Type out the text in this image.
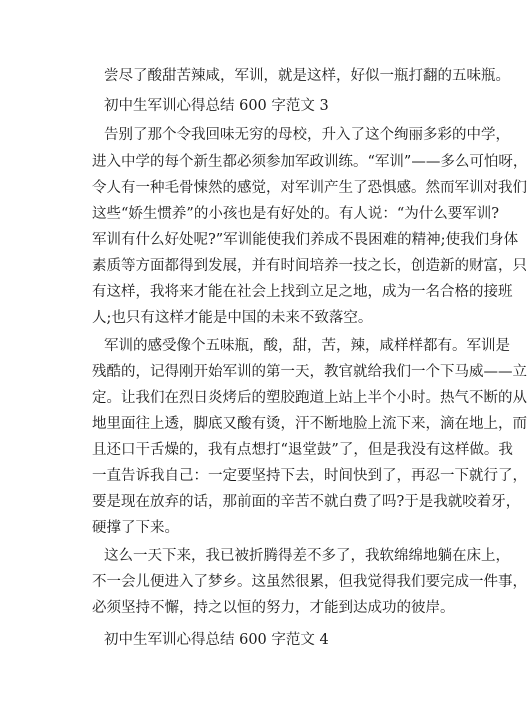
尝尽了酸甜苦辣咸，军训，就是这样，好似一瓶打翻的五味瓶。
初中生军训心得总结 600 字范文 3
告别了那个令我回味无穷的母校，升入了这个绚丽多彩的中学，
进入中学的每个新生都必须参加军政训练。“军训”——多么可怕呀，
令人有一种毛骨悚然的感觉，对军训产生了恐惧感。然而军训对我们
这些“娇生惯养”的小孩也是有好处的。有人说：“为什么要军训?
军训有什么好处呢?”军训能使我们养成不畏困难的精神;使我们身体
素质等方面都得到发展，并有时间培养一技之长，创造新的财富，只
有这样，我将来才能在社会上找到立足之地，成为一名合格的接班
人;也只有这样才能是中国的未来不致落空。
军训的感受像个五味瓶，酸，甜，苦，辣，咸样样都有。军训是
残酷的，记得刚开始军训的第一天，教官就给我们一个下马威——立
定。让我们在烈日炎烤后的塑胶跑道上站上半个小时。热气不断的从
地里面往上透，脚底又酸有烫，汗不断地脸上流下来，滴在地上，而
且还口干舌燥的，我有点想打“退堂鼓”了，但是我没有这样做。我
一直告诉我自己：一定要坚持下去，时间快到了，再忍一下就行了，
要是现在放弃的话，那前面的辛苦不就白费了吗?于是我就咬着牙，
硬撑了下来。
这么一天下来，我已被折腾得差不多了，我软绵绵地躺在床上，
不一会儿便进入了梦乡。这虽然很累，但我觉得我们要完成一件事，
必须坚持不懈，持之以恒的努力，才能到达成功的彼岸。
初中生军训心得总结 600 字范文 4
